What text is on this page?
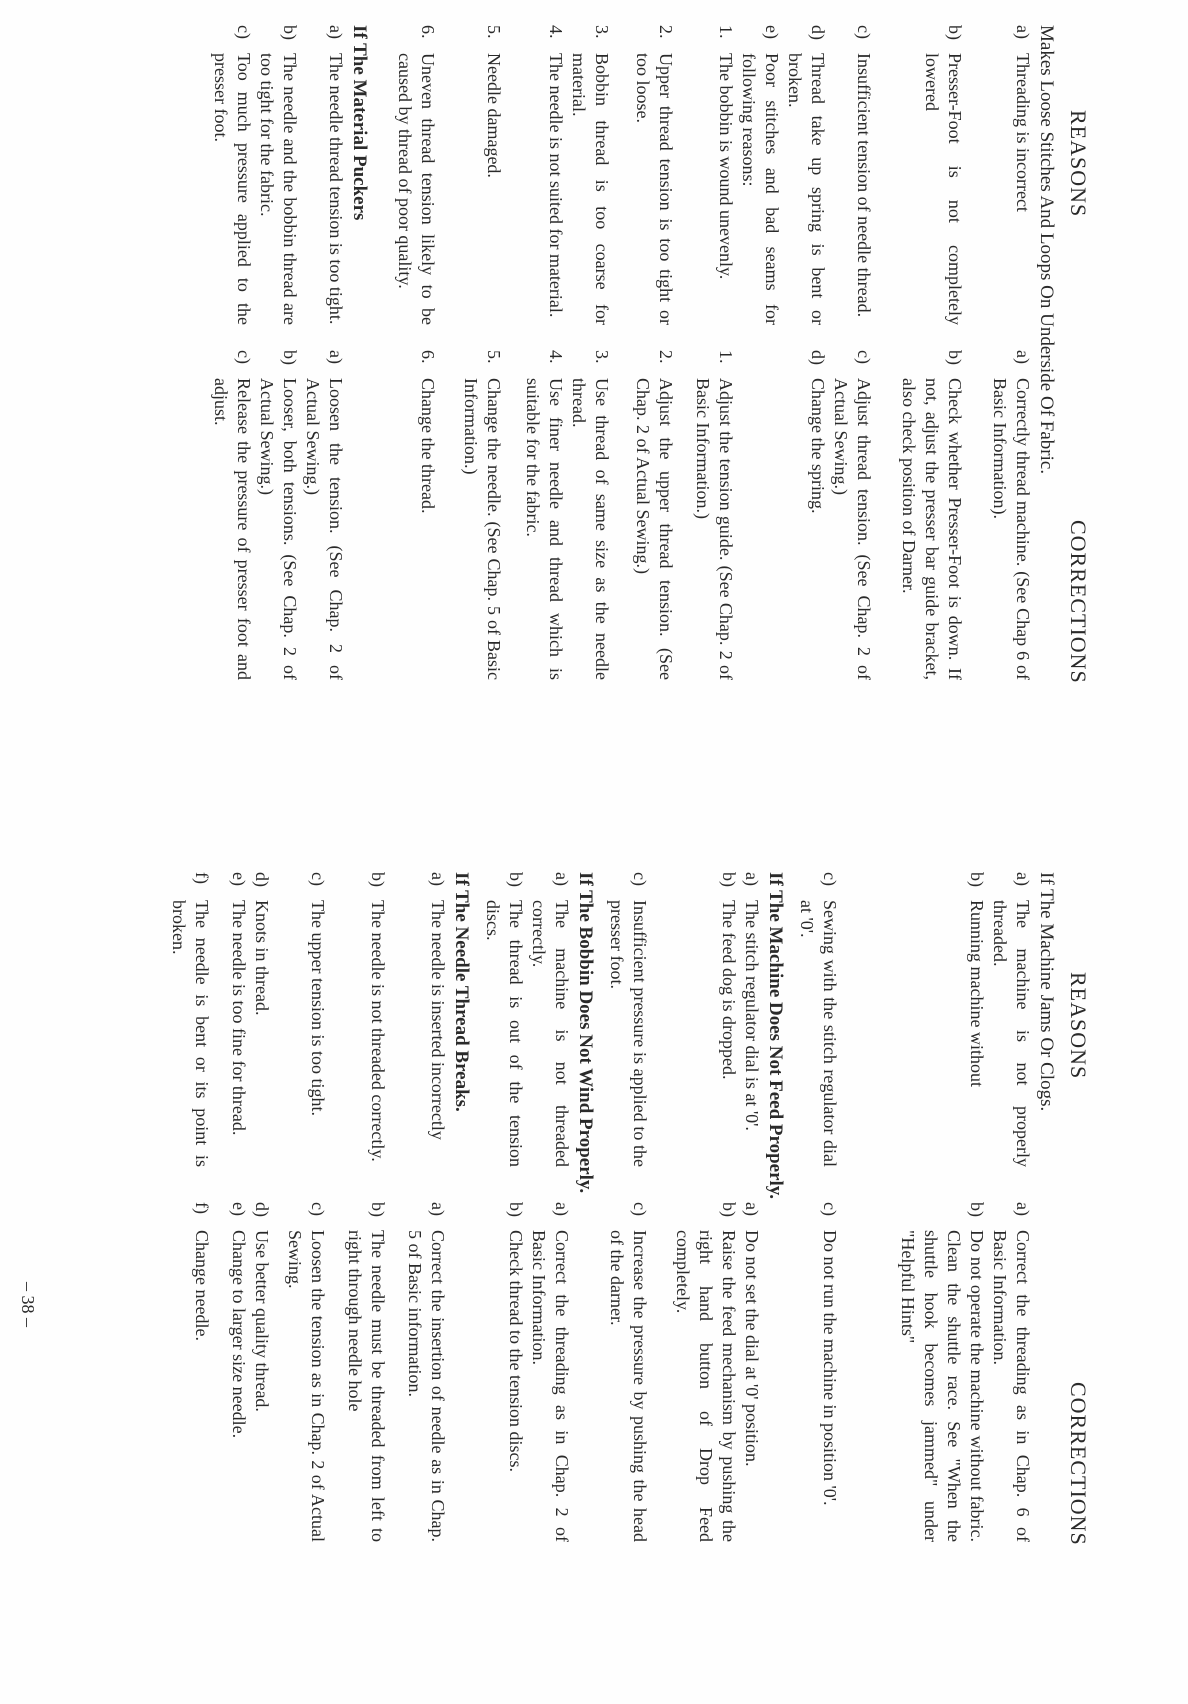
REASONS
CORRECTIONS
Makes Loose Stitches And Loops On Underside Of Fabric.
a)
Threading is incorrect
a)
Correctly thread machine. (See Chap 6 of Basic Information).
b)
Presser-Foot is not completely lowered
b)
Check whether Presser-Foot is down. If not, adjust the presser bar guide bracket, also check position of Darner.
c)
Insufficient tension of needle thread.
c)
Adjust thread tension. (See Chap. 2 of Actual Sewing.)
d)
Thread take up spring is bent or broken.
d)
Change the spring.
e)
Poor stitches and bad seams for following reasons:
1.
The bobbin is wound unevenly.
1.
Adjust the tension guide. (See Chap. 2 of Basic Information.)
2.
Upper thread tension is too tight or too loose.
2.
Adjust the upper thread tension. (See Chap. 2 of Actual Sewing.)
3.
Bobbin thread is too coarse for material.
3.
Use thread of same size as the needle thread.
4.
The needle is not suited for material.
4.
Use finer needle and thread which is suitable for the fabric.
5.
Needle damaged.
5.
Change the needle. (See Chap. 5 of Basic Information.)
6.
Uneven thread tension likely to be caused by thread of poor quality.
6.
Change the thread.
If The Material Puckers
a)
The needle thread tension is too tight.
a)
Loosen the tension. (See Chap. 2 of Actual Sewing.)
b)
The needle and the bobbin thread are too tight for the fabric.
b)
Looser, both tensions. (See Chap. 2 of Actual Sewing.)
c)
Too much pressure applied to the presser foot.
c)
Release the pressure of presser foot and adjust.
REASONS
CORRECTIONS
If The Machine Jams Or Clogs.
a)
The machine is not properly threaded.
a)
Correct the threading as in Chap. 6 of Basic Information.
b)
Running machine without
b)
Do not operate the machine without fabric. Clean the shuttle race. See "When the shuttle hook becomes jammed" under "Helpful Hints"
c)
Sewing with the stitch regulator dial at '0'.
c)
Do not run the machine in position '0'.
If The Machine Does Not Feed Properly.
a)
The stitch regulator dial is at '0'.
a)
Do not set the dial at '0' position.
b)
The feed dog is dropped.
b)
Raise the feed mechanism by pushing the right hand button of Drop Feed completely.
c)
Insufficient pressure is applied to the presser foot.
c)
Increase the pressure by pushing the head of the darner.
If The Bobbin Does Not Wind Properly.
a)
The machine is not threaded correctly.
a)
Correct the threading as in Chap. 2 of Basic Information.
b)
The thread is out of the tension discs.
b)
Check thread to the tension discs.
If The Needle Thread Breaks.
a)
The needle is inserted incorrectly
a)
Correct the insertion of needle as in Chap. 5 of Basic information.
b)
The needle is not threaded correctly.
b)
The needle must be threaded from left to right through needle hole
c)
The upper tension is too tight.
c)
Loosen the tension as in Chap. 2 of Actual Sewing.
d)
Knots in thread.
d)
Use better quality thread.
e)
The needle is too fine for thread.
e)
Change to larger size needle.
f)
The needle is bent or its point is broken.
f)
Change needle.
– 38 –
